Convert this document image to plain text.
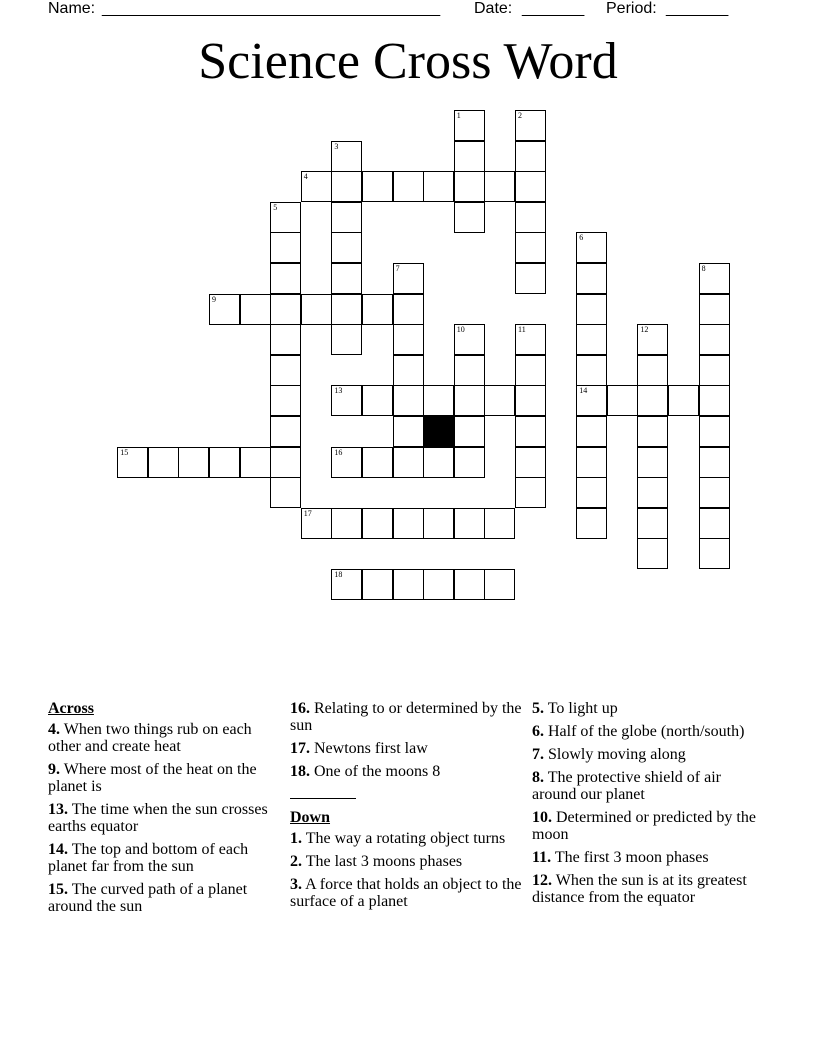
Name: ______________________________________ Date: _______ Period: _______
Science Cross Word
1	2
3
4
5
6
7	8
9
10	11	12
13	14
15	16
17
18
Across
4. When two things rub on each other and create heat
9. Where most of the heat on the planet is
13. The time when the sun crosses earths equator
14. The top and bottom of each planet far from the sun
15. The curved path of a planet around the sun
16. Relating to or determined by the sun
17. Newtons first law
18. One of the moons 8
Down
1. The way a rotating object turns
2. The last 3 moons phases
3. A force that holds an object to the surface of a planet
5. To light up
6. Half of the globe (north/south)
7. Slowly moving along
8. The protective shield of air around our planet
10. Determined or predicted by the moon
11. The first 3 moon phases
12. When the sun is at its greatest distance from the equator
